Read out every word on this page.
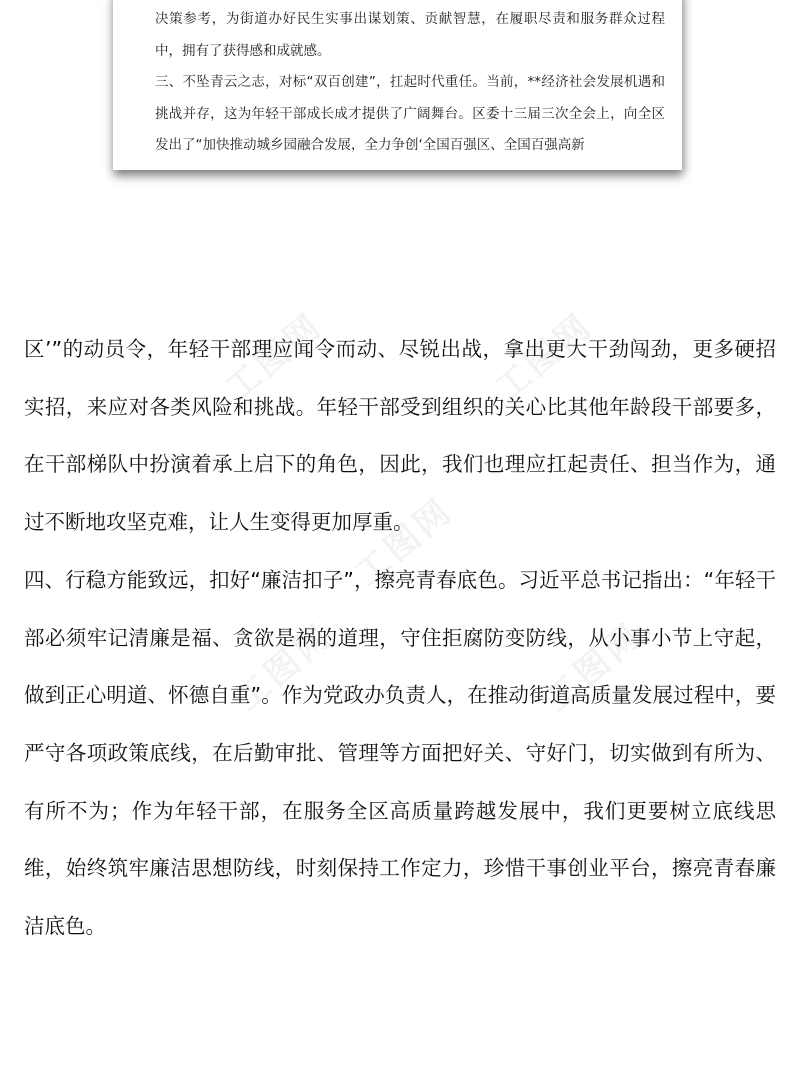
决策参考，为街道办好民生实事出谋划策、贡献智慧，在履职尽责和服务群众过程中，拥有了获得感和成就感。

三、不坠青云之志，对标“双百创建”，扛起时代重任。当前，**经济社会发展机遇和挑战并存，这为年轻干部成长成才提供了广阔舞台。区委十三届三次全会上，向全区发出了“加快推动城乡园融合发展，全力争创‘全国百强区、全国百强高新

工图网	工图网
工图网
工图网	工图网

区’”的动员令，年轻干部理应闻令而动、尽锐出战，拿出更大干劲闯劲，更多硬招实招，来应对各类风险和挑战。年轻干部受到组织的关心比其他年龄段干部要多，在干部梯队中扮演着承上启下的角色，因此，我们也理应扛起责任、担当作为，通过不断地攻坚克难，让人生变得更加厚重。

四、行稳方能致远，扣好“廉洁扣子”，擦亮青春底色。习近平总书记指出：“年轻干部必须牢记清廉是福、贪欲是祸的道理，守住拒腐防变防线，从小事小节上守起，做到正心明道、怀德自重”。作为党政办负责人，在推动街道高质量发展过程中，要严守各项政策底线，在后勤审批、管理等方面把好关、守好门，切实做到有所为、有所不为；作为年轻干部，在服务全区高质量跨越发展中，我们更要树立底线思维，始终筑牢廉洁思想防线，时刻保持工作定力，珍惜干事创业平台，擦亮青春廉洁底色。
